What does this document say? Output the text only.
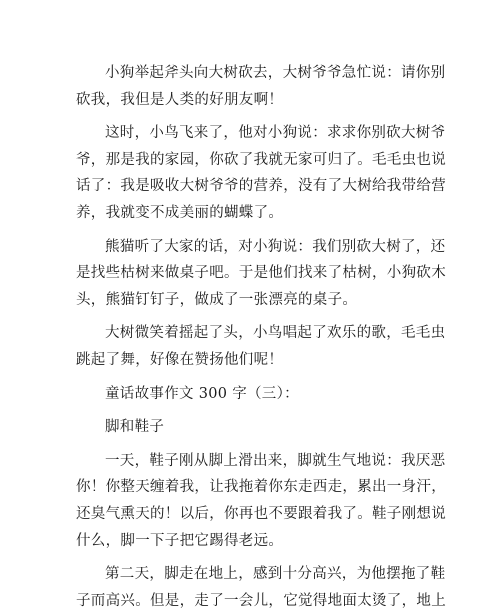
小狗举起斧头向大树砍去，大树爷爷急忙说：请你别
砍我，我但是人类的好朋友啊！
这时，小鸟飞来了，他对小狗说：求求你别砍大树爷
爷，那是我的家园，你砍了我就无家可归了。毛毛虫也说
话了：我是吸收大树爷爷的营养，没有了大树给我带给营
养，我就变不成美丽的蝴蝶了。
熊猫听了大家的话，对小狗说：我们别砍大树了，还
是找些枯树来做桌子吧。于是他们找来了枯树，小狗砍木
头，熊猫钉钉子，做成了一张漂亮的桌子。
大树微笑着摇起了头，小鸟唱起了欢乐的歌，毛毛虫
跳起了舞，好像在赞扬他们呢！
童话故事作文 300 字（三）：
脚和鞋子
一天，鞋子刚从脚上滑出来，脚就生气地说：我厌恶
你！你整天缠着我，让我拖着你东走西走，累出一身汗，
还臭气熏天的！以后，你再也不要跟着我了。鞋子刚想说
什么，脚一下子把它踢得老远。
第二天，脚走在地上，感到十分高兴，为他摆拖了鞋
子而高兴。但是，走了一会儿，它觉得地面太烫了，地上
